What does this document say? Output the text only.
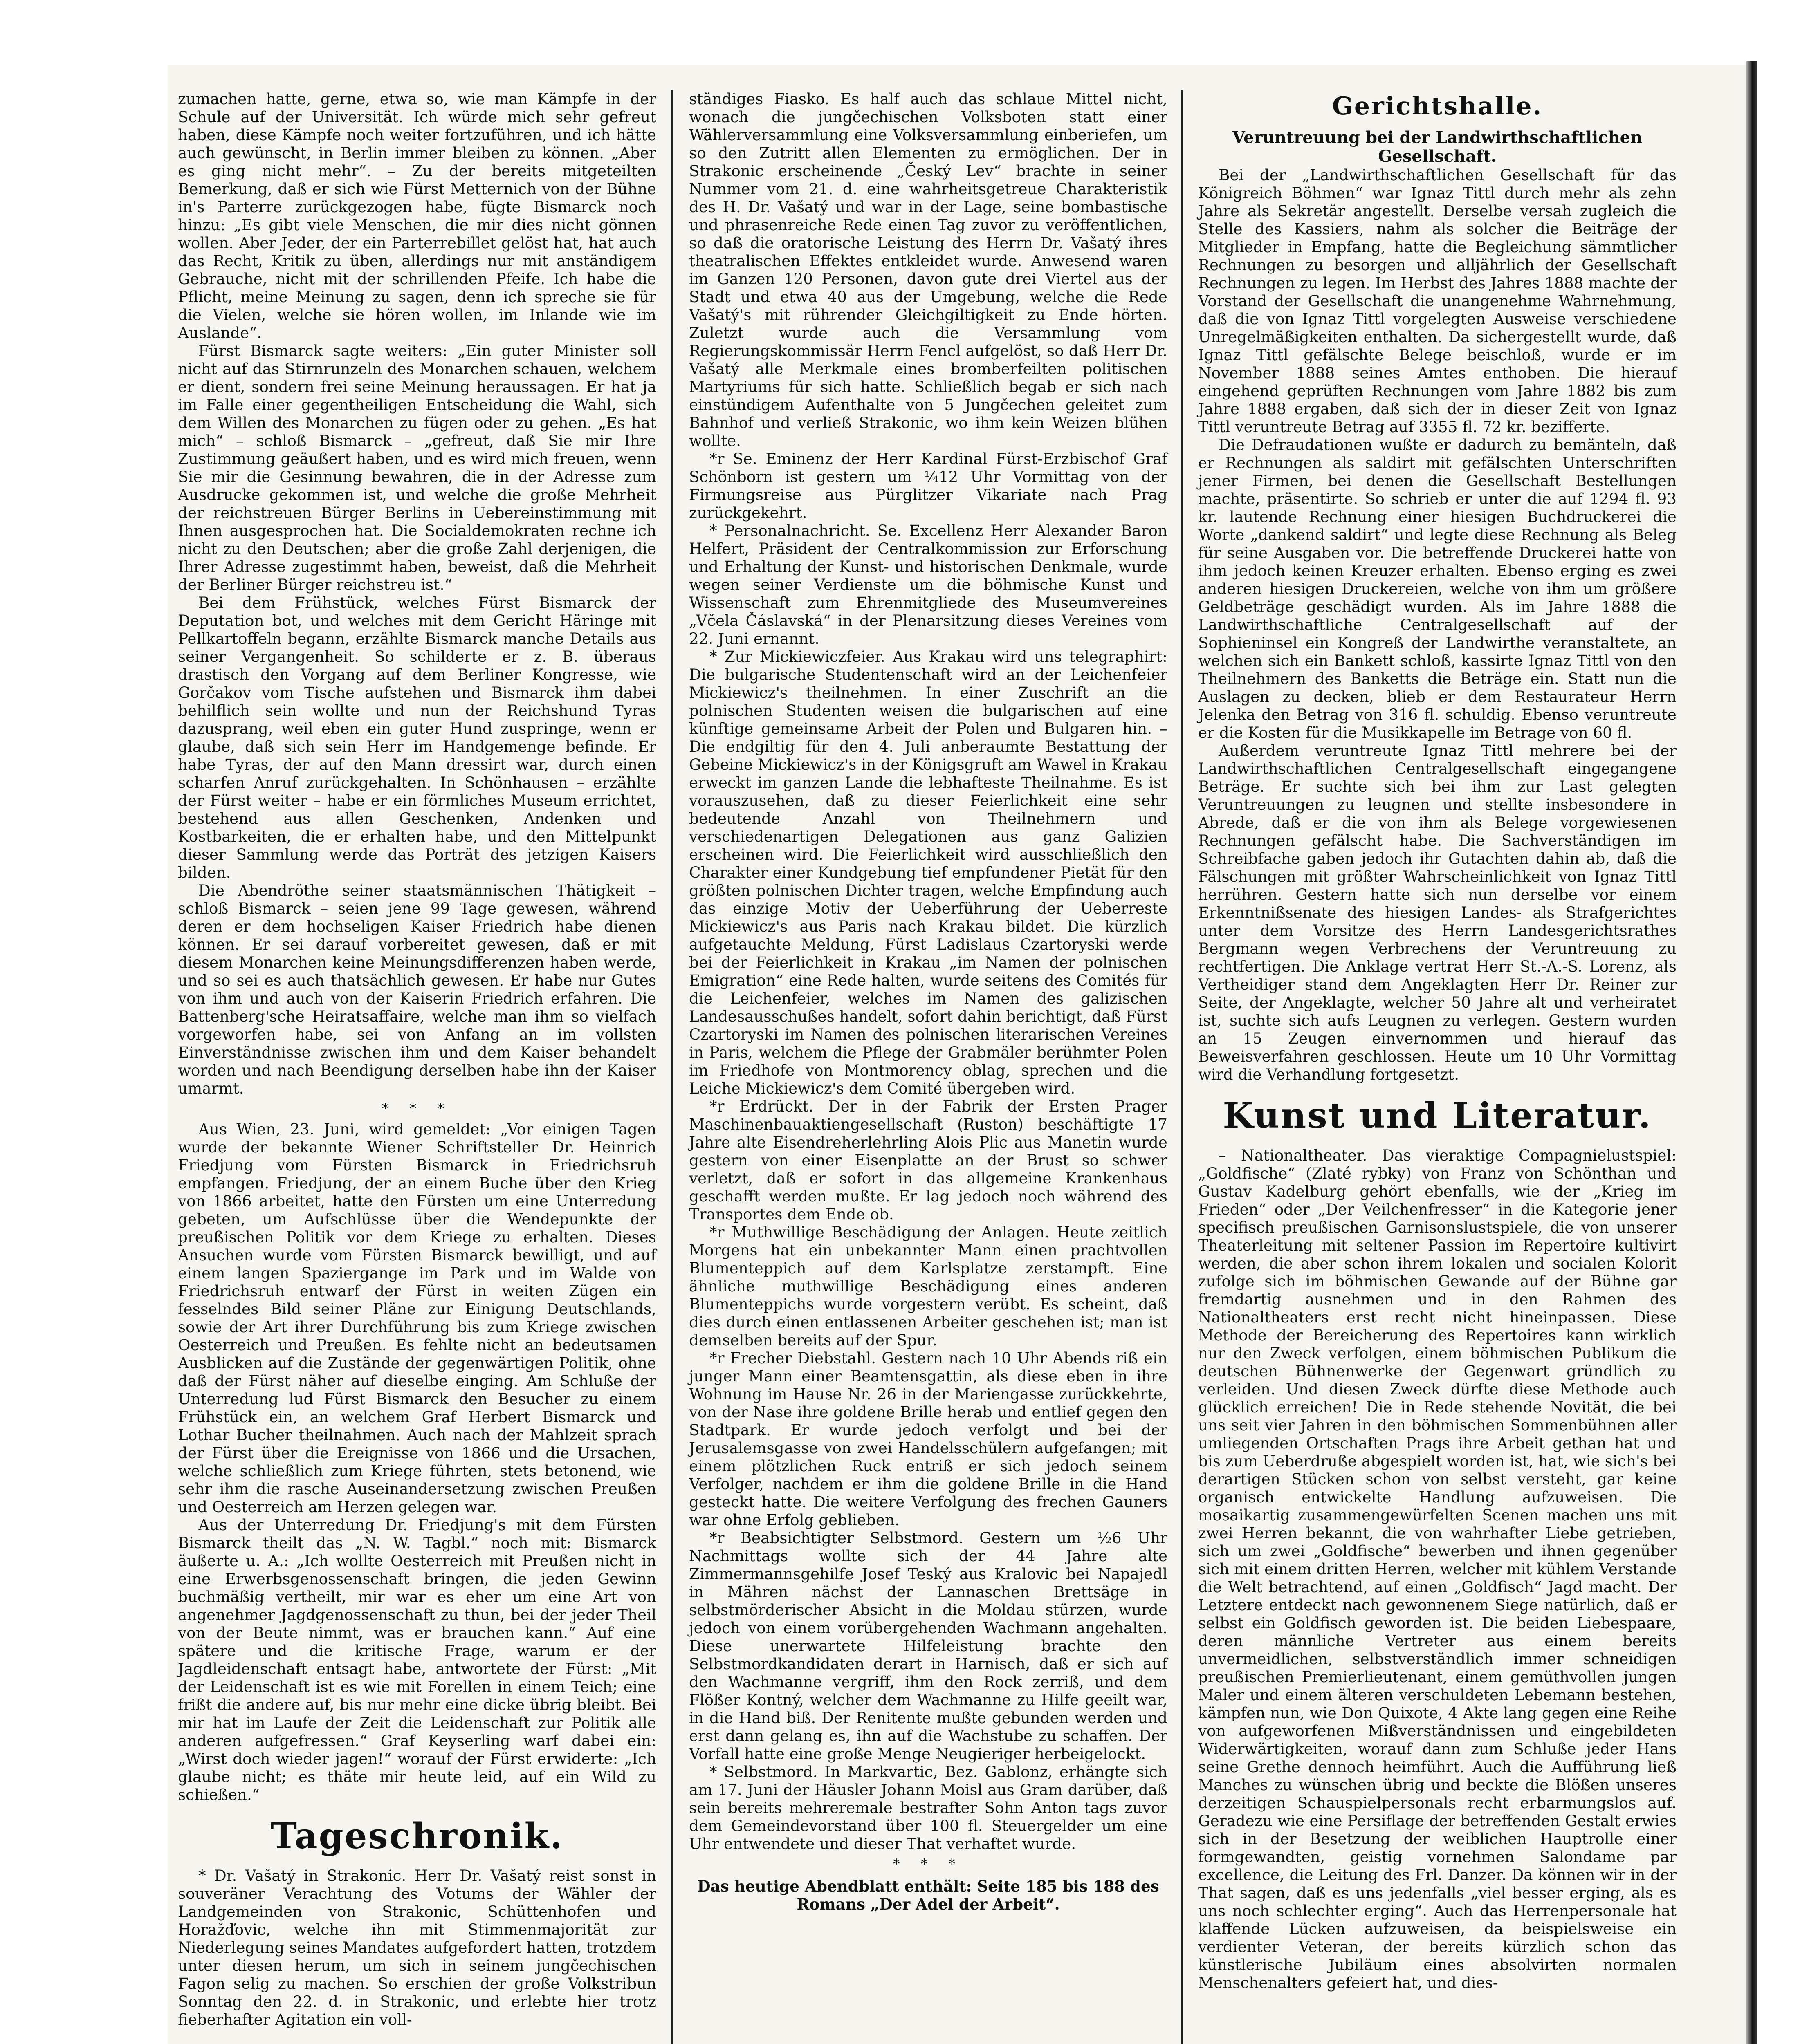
zumachen hatte, gerne, etwa so, wie man Kämpfe in der Schule auf der Universität. Ich würde mich sehr gefreut haben, diese Kämpfe noch weiter fortzuführen, und ich hätte auch gewünscht, in Berlin immer bleiben zu können. „Aber es ging nicht mehr“. – Zu der bereits mitgeteilten Bemerkung, daß er sich wie Fürst Metternich von der Bühne in's Parterre zurückgezogen habe, fügte Bismarck noch hinzu: „Es gibt viele Menschen, die mir dies nicht gönnen wollen. Aber Jeder, der ein Parterrebillet gelöst hat, hat auch das Recht, Kritik zu üben, allerdings nur mit anständigem Gebrauche, nicht mit der schrillenden Pfeife. Ich habe die Pflicht, meine Meinung zu sagen, denn ich spreche sie für die Vielen, welche sie hören wollen, im Inlande wie im Auslande“.

Fürst Bismarck sagte weiters: „Ein guter Minister soll nicht auf das Stirnrunzeln des Monarchen schauen, welchem er dient, sondern frei seine Meinung heraussagen. Er hat ja im Falle einer gegentheiligen Entscheidung die Wahl, sich dem Willen des Monarchen zu fügen oder zu gehen. „Es hat mich“ – schloß Bismarck – „gefreut, daß Sie mir Ihre Zustimmung geäußert haben, und es wird mich freuen, wenn Sie mir die Gesinnung bewahren, die in der Adresse zum Ausdrucke gekommen ist, und welche die große Mehrheit der reichstreuen Bürger Berlins in Uebereinstimmung mit Ihnen ausgesprochen hat. Die Socialdemokraten rechne ich nicht zu den Deutschen; aber die große Zahl derjenigen, die Ihrer Adresse zugestimmt haben, beweist, daß die Mehrheit der Berliner Bürger reichstreu ist.“

Bei dem Frühstück, welches Fürst Bismarck der Deputation bot, und welches mit dem Gericht Häringe mit Pellkartoffeln begann, erzählte Bismarck manche Details aus seiner Vergangenheit. So schilderte er z. B. überaus drastisch den Vorgang auf dem Berliner Kongresse, wie Gorčakov vom Tische aufstehen und Bismarck ihm dabei behilflich sein wollte und nun der Reichshund Tyras dazusprang, weil eben ein guter Hund zuspringe, wenn er glaube, daß sich sein Herr im Handgemenge befinde. Er habe Tyras, der auf den Mann dressirt war, durch einen scharfen Anruf zurückgehalten. In Schönhausen – erzählte der Fürst weiter – habe er ein förmliches Museum errichtet, bestehend aus allen Geschenken, Andenken und Kostbarkeiten, die er erhalten habe, und den Mittelpunkt dieser Sammlung werde das Porträt des jetzigen Kaisers bilden.

Die Abendröthe seiner staatsmännischen Thätigkeit – schloß Bismarck – seien jene 99 Tage gewesen, während deren er dem hochseligen Kaiser Friedrich habe dienen können. Er sei darauf vorbereitet gewesen, daß er mit diesem Monarchen keine Meinungsdifferenzen haben werde, und so sei es auch thatsächlich gewesen. Er habe nur Gutes von ihm und auch von der Kaiserin Friedrich erfahren. Die Battenberg'sche Heiratsaffaire, welche man ihm so vielfach vorgeworfen habe, sei von Anfang an im vollsten Einverständnisse zwischen ihm und dem Kaiser behandelt worden und nach Beendigung derselben habe ihn der Kaiser umarmt.

* * *

Aus Wien, 23. Juni, wird gemeldet: „Vor einigen Tagen wurde der bekannte Wiener Schriftsteller Dr. Heinrich Friedjung vom Fürsten Bismarck in Friedrichsruh empfangen. Friedjung, der an einem Buche über den Krieg von 1866 arbeitet, hatte den Fürsten um eine Unterredung gebeten, um Aufschlüsse über die Wendepunkte der preußischen Politik vor dem Kriege zu erhalten. Dieses Ansuchen wurde vom Fürsten Bismarck bewilligt, und auf einem langen Spaziergange im Park und im Walde von Friedrichsruh entwarf der Fürst in weiten Zügen ein fesselndes Bild seiner Pläne zur Einigung Deutschlands, sowie der Art ihrer Durchführung bis zum Kriege zwischen Oesterreich und Preußen. Es fehlte nicht an bedeutsamen Ausblicken auf die Zustände der gegenwärtigen Politik, ohne daß der Fürst näher auf dieselbe einging. Am Schluße der Unterredung lud Fürst Bismarck den Besucher zu einem Frühstück ein, an welchem Graf Herbert Bismarck und Lothar Bucher theilnahmen. Auch nach der Mahlzeit sprach der Fürst über die Ereignisse von 1866 und die Ursachen, welche schließlich zum Kriege führten, stets betonend, wie sehr ihm die rasche Auseinandersetzung zwischen Preußen und Oesterreich am Herzen gelegen war.

Aus der Unterredung Dr. Friedjung's mit dem Fürsten Bismarck theilt das „N. W. Tagbl.“ noch mit: Bismarck äußerte u. A.: „Ich wollte Oesterreich mit Preußen nicht in eine Erwerbsgenossenschaft bringen, die jeden Gewinn buchmäßig vertheilt, mir war es eher um eine Art von angenehmer Jagdgenossenschaft zu thun, bei der jeder Theil von der Beute nimmt, was er brauchen kann.“ Auf eine spätere und die kritische Frage, warum er der Jagdleidenschaft entsagt habe, antwortete der Fürst: „Mit der Leidenschaft ist es wie mit Forellen in einem Teich; eine frißt die andere auf, bis nur mehr eine dicke übrig bleibt. Bei mir hat im Laufe der Zeit die Leidenschaft zur Politik alle anderen aufgefressen.“ Graf Keyserling warf dabei ein: „Wirst doch wieder jagen!“ worauf der Fürst erwiderte: „Ich glaube nicht; es thäte mir heute leid, auf ein Wild zu schießen.“

Tageschronik.

* Dr. Vašatý in Strakonic. Herr Dr. Vašatý reist sonst in souveräner Verachtung des Votums der Wähler der Landgemeinden von Strakonic, Schüttenhofen und Horažďovic, welche ihn mit Stimmenmajorität zur Niederlegung seines Mandates aufgefordert hatten, trotzdem unter diesen herum, um sich in seinem jungčechischen Fagon selig zu machen. So erschien der große Volkstribun Sonntag den 22. d. in Strakonic, und erlebte hier trotz fieberhafter Agitation ein voll-

ständiges Fiasko. Es half auch das schlaue Mittel nicht, wonach die jungčechischen Volksboten statt einer Wählerversammlung eine Volksversammlung einberiefen, um so den Zutritt allen Elementen zu ermöglichen. Der in Strakonic erscheinende „Český Lev“ brachte in seiner Nummer vom 21. d. eine wahrheitsgetreue Charakteristik des H. Dr. Vašatý und war in der Lage, seine bombastische und phrasenreiche Rede einen Tag zuvor zu veröffentlichen, so daß die oratorische Leistung des Herrn Dr. Vašatý ihres theatralischen Effektes entkleidet wurde. Anwesend waren im Ganzen 120 Personen, davon gute drei Viertel aus der Stadt und etwa 40 aus der Umgebung, welche die Rede Vašatý's mit rührender Gleichgiltigkeit zu Ende hörten. Zuletzt wurde auch die Versammlung vom Regierungskommissär Herrn Fencl aufgelöst, so daß Herr Dr. Vašatý alle Merkmale eines bromberfeilten politischen Martyriums für sich hatte. Schließlich begab er sich nach einstündigem Aufenthalte von 5 Jungčechen geleitet zum Bahnhof und verließ Strakonic, wo ihm kein Weizen blühen wollte.

*r Se. Eminenz der Herr Kardinal Fürst-Erzbischof Graf Schönborn ist gestern um ¼12 Uhr Vormittag von der Firmungsreise aus Pürglitzer Vikariate nach Prag zurückgekehrt.

* Personalnachricht. Se. Excellenz Herr Alexander Baron Helfert, Präsident der Centralkommission zur Erforschung und Erhaltung der Kunst- und historischen Denkmale, wurde wegen seiner Verdienste um die böhmische Kunst und Wissenschaft zum Ehrenmitgliede des Museumvereines „Včela Čáslavská“ in der Plenarsitzung dieses Vereines vom 22. Juni ernannt.

* Zur Mickiewiczfeier. Aus Krakau wird uns telegraphirt: Die bulgarische Studentenschaft wird an der Leichenfeier Mickiewicz's theilnehmen. In einer Zuschrift an die polnischen Studenten weisen die bulgarischen auf eine künftige gemeinsame Arbeit der Polen und Bulgaren hin. – Die endgiltig für den 4. Juli anberaumte Bestattung der Gebeine Mickiewicz's in der Königsgruft am Wawel in Krakau erweckt im ganzen Lande die lebhafteste Theilnahme. Es ist vorauszusehen, daß zu dieser Feierlichkeit eine sehr bedeutende Anzahl von Theilnehmern und verschiedenartigen Delegationen aus ganz Galizien erscheinen wird. Die Feierlichkeit wird ausschließlich den Charakter einer Kundgebung tief empfundener Pietät für den größten polnischen Dichter tragen, welche Empfindung auch das einzige Motiv der Ueberführung der Ueberreste Mickiewicz's aus Paris nach Krakau bildet. Die kürzlich aufgetauchte Meldung, Fürst Ladislaus Czartoryski werde bei der Feierlichkeit in Krakau „im Namen der polnischen Emigration“ eine Rede halten, wurde seitens des Comités für die Leichenfeier, welches im Namen des galizischen Landesausschußes handelt, sofort dahin berichtigt, daß Fürst Czartoryski im Namen des polnischen literarischen Vereines in Paris, welchem die Pflege der Grabmäler berühmter Polen im Friedhofe von Montmorency oblag, sprechen und die Leiche Mickiewicz's dem Comité übergeben wird.

*r Erdrückt. Der in der Fabrik der Ersten Prager Maschinenbauaktiengesellschaft (Ruston) beschäftigte 17 Jahre alte Eisendreherlehrling Alois Plic aus Manetin wurde gestern von einer Eisenplatte an der Brust so schwer verletzt, daß er sofort in das allgemeine Krankenhaus geschafft werden mußte. Er lag jedoch noch während des Transportes dem Ende ob.

*r Muthwillige Beschädigung der Anlagen. Heute zeitlich Morgens hat ein unbekannter Mann einen prachtvollen Blumenteppich auf dem Karlsplatze zerstampft. Eine ähnliche muthwillige Beschädigung eines anderen Blumenteppichs wurde vorgestern verübt. Es scheint, daß dies durch einen entlassenen Arbeiter geschehen ist; man ist demselben bereits auf der Spur.

*r Frecher Diebstahl. Gestern nach 10 Uhr Abends riß ein junger Mann einer Beamtensgattin, als diese eben in ihre Wohnung im Hause Nr. 26 in der Mariengasse zurückkehrte, von der Nase ihre goldene Brille herab und entlief gegen den Stadtpark. Er wurde jedoch verfolgt und bei der Jerusalemsgasse von zwei Handelsschülern aufgefangen; mit einem plötzlichen Ruck entriß er sich jedoch seinem Verfolger, nachdem er ihm die goldene Brille in die Hand gesteckt hatte. Die weitere Verfolgung des frechen Gauners war ohne Erfolg geblieben.

*r Beabsichtigter Selbstmord. Gestern um ½6 Uhr Nachmittags wollte sich der 44 Jahre alte Zimmermannsgehilfe Josef Teský aus Kralovic bei Napajedl in Mähren nächst der Lannaschen Brettsäge in selbstmörderischer Absicht in die Moldau stürzen, wurde jedoch von einem vorübergehenden Wachmann angehalten. Diese unerwartete Hilfeleistung brachte den Selbstmordkandidaten derart in Harnisch, daß er sich auf den Wachmanne vergriff, ihm den Rock zerriß, und dem Flößer Kontný, welcher dem Wachmanne zu Hilfe geeilt war, in die Hand biß. Der Renitente mußte gebunden werden und erst dann gelang es, ihn auf die Wachstube zu schaffen. Der Vorfall hatte eine große Menge Neugieriger herbeigelockt.

* Selbstmord. In Markvartic, Bez. Gablonz, erhängte sich am 17. Juni der Häusler Johann Moisl aus Gram darüber, daß sein bereits mehreremale bestrafter Sohn Anton tags zuvor dem Gemeindevorstand über 100 fl. Steuergelder um eine Uhr entwendete und dieser That verhaftet wurde.

* * *
Das heutige Abendblatt enthält: Seite 185 bis 188 des Romans „Der Adel der Arbeit“.
Gerichtshalle.
Veruntreuung bei der Landwirthschaftlichen Gesellschaft.

Bei der „Landwirthschaftlichen Gesellschaft für das Königreich Böhmen“ war Ignaz Tittl durch mehr als zehn Jahre als Sekretär angestellt. Derselbe versah zugleich die Stelle des Kassiers, nahm als solcher die Beiträge der Mitglieder in Empfang, hatte die Begleichung sämmtlicher Rechnungen zu besorgen und alljährlich der Gesellschaft Rechnungen zu legen. Im Herbst des Jahres 1888 machte der Vorstand der Gesellschaft die unangenehme Wahrnehmung, daß die von Ignaz Tittl vorgelegten Ausweise verschiedene Unregelmäßigkeiten enthalten. Da sichergestellt wurde, daß Ignaz Tittl gefälschte Belege beischloß, wurde er im November 1888 seines Amtes enthoben. Die hierauf eingehend geprüften Rechnungen vom Jahre 1882 bis zum Jahre 1888 ergaben, daß sich der in dieser Zeit von Ignaz Tittl veruntreute Betrag auf 3355 fl. 72 kr. bezifferte.

Die Defraudationen wußte er dadurch zu bemänteln, daß er Rechnungen als saldirt mit gefälschten Unterschriften jener Firmen, bei denen die Gesellschaft Bestellungen machte, präsentirte. So schrieb er unter die auf 1294 fl. 93 kr. lautende Rechnung einer hiesigen Buchdruckerei die Worte „dankend saldirt“ und legte diese Rechnung als Beleg für seine Ausgaben vor. Die betreffende Druckerei hatte von ihm jedoch keinen Kreuzer erhalten. Ebenso erging es zwei anderen hiesigen Druckereien, welche von ihm um größere Geldbeträge geschädigt wurden. Als im Jahre 1888 die Landwirthschaftliche Centralgesellschaft auf der Sophieninsel ein Kongreß der Landwirthe veranstaltete, an welchen sich ein Bankett schloß, kassirte Ignaz Tittl von den Theilnehmern des Banketts die Beträge ein. Statt nun die Auslagen zu decken, blieb er dem Restaurateur Herrn Jelenka den Betrag von 316 fl. schuldig. Ebenso veruntreute er die Kosten für die Musikkapelle im Betrage von 60 fl.

Außerdem veruntreute Ignaz Tittl mehrere bei der Landwirthschaftlichen Centralgesellschaft eingegangene Beträge. Er suchte sich bei ihm zur Last gelegten Veruntreuungen zu leugnen und stellte insbesondere in Abrede, daß er die von ihm als Belege vorgewiesenen Rechnungen gefälscht habe. Die Sachverständigen im Schreibfache gaben jedoch ihr Gutachten dahin ab, daß die Fälschungen mit größter Wahrscheinlichkeit von Ignaz Tittl herrühren. Gestern hatte sich nun derselbe vor einem Erkenntnißsenate des hiesigen Landes- als Strafgerichtes unter dem Vorsitze des Herrn Landesgerichtsrathes Bergmann wegen Verbrechens der Veruntreuung zu rechtfertigen. Die Anklage vertrat Herr St.-A.-S. Lorenz, als Vertheidiger stand dem Angeklagten Herr Dr. Reiner zur Seite, der Angeklagte, welcher 50 Jahre alt und verheiratet ist, suchte sich aufs Leugnen zu verlegen. Gestern wurden an 15 Zeugen einvernommen und hierauf das Beweisverfahren geschlossen. Heute um 10 Uhr Vormittag wird die Verhandlung fortgesetzt.

Kunst und Literatur.

– Nationaltheater. Das vieraktige Compagnielustspiel: „Goldfische“ (Zlaté rybky) von Franz von Schönthan und Gustav Kadelburg gehört ebenfalls, wie der „Krieg im Frieden“ oder „Der Veilchenfresser“ in die Kategorie jener specifisch preußischen Garnisonslustspiele, die von unserer Theaterleitung mit seltener Passion im Repertoire kultivirt werden, die aber schon ihrem lokalen und socialen Kolorit zufolge sich im böhmischen Gewande auf der Bühne gar fremdartig ausnehmen und in den Rahmen des Nationaltheaters erst recht nicht hineinpassen. Diese Methode der Bereicherung des Repertoires kann wirklich nur den Zweck verfolgen, einem böhmischen Publikum die deutschen Bühnenwerke der Gegenwart gründlich zu verleiden. Und diesen Zweck dürfte diese Methode auch glücklich erreichen! Die in Rede stehende Novität, die bei uns seit vier Jahren in den böhmischen Sommenbühnen aller umliegenden Ortschaften Prags ihre Arbeit gethan hat und bis zum Ueberdruße abgespielt worden ist, hat, wie sich's bei derartigen Stücken schon von selbst versteht, gar keine organisch entwickelte Handlung aufzuweisen. Die mosaikartig zusammengewürfelten Scenen machen uns mit zwei Herren bekannt, die von wahrhafter Liebe getrieben, sich um zwei „Goldfische“ bewerben und ihnen gegenüber sich mit einem dritten Herren, welcher mit kühlem Verstande die Welt betrachtend, auf einen „Goldfisch“ Jagd macht. Der Letztere entdeckt nach gewonnenem Siege natürlich, daß er selbst ein Goldfisch geworden ist. Die beiden Liebespaare, deren männliche Vertreter aus einem bereits unvermeidlichen, selbstverständlich immer schneidigen preußischen Premierlieutenant, einem gemüthvollen jungen Maler und einem älteren verschuldeten Lebemann bestehen, kämpfen nun, wie Don Quixote, 4 Akte lang gegen eine Reihe von aufgeworfenen Mißverständnissen und eingebildeten Widerwärtigkeiten, worauf dann zum Schluße jeder Hans seine Grethe dennoch heimführt. Auch die Aufführung ließ Manches zu wünschen übrig und beckte die Blößen unseres derzeitigen Schauspielpersonals recht erbarmungslos auf. Geradezu wie eine Persiflage der betreffenden Gestalt erwies sich in der Besetzung der weiblichen Hauptrolle einer formgewandten, geistig vornehmen Salondame par excellence, die Leitung des Frl. Danzer. Da können wir in der That sagen, daß es uns jedenfalls „viel besser erging, als es uns noch schlechter erging“. Auch das Herrenpersonale hat klaffende Lücken aufzuweisen, da beispielsweise ein verdienter Veteran, der bereits kürzlich schon das künstlerische Jubiläum eines absolvirten normalen Menschenalters gefeiert hat, und dies-
